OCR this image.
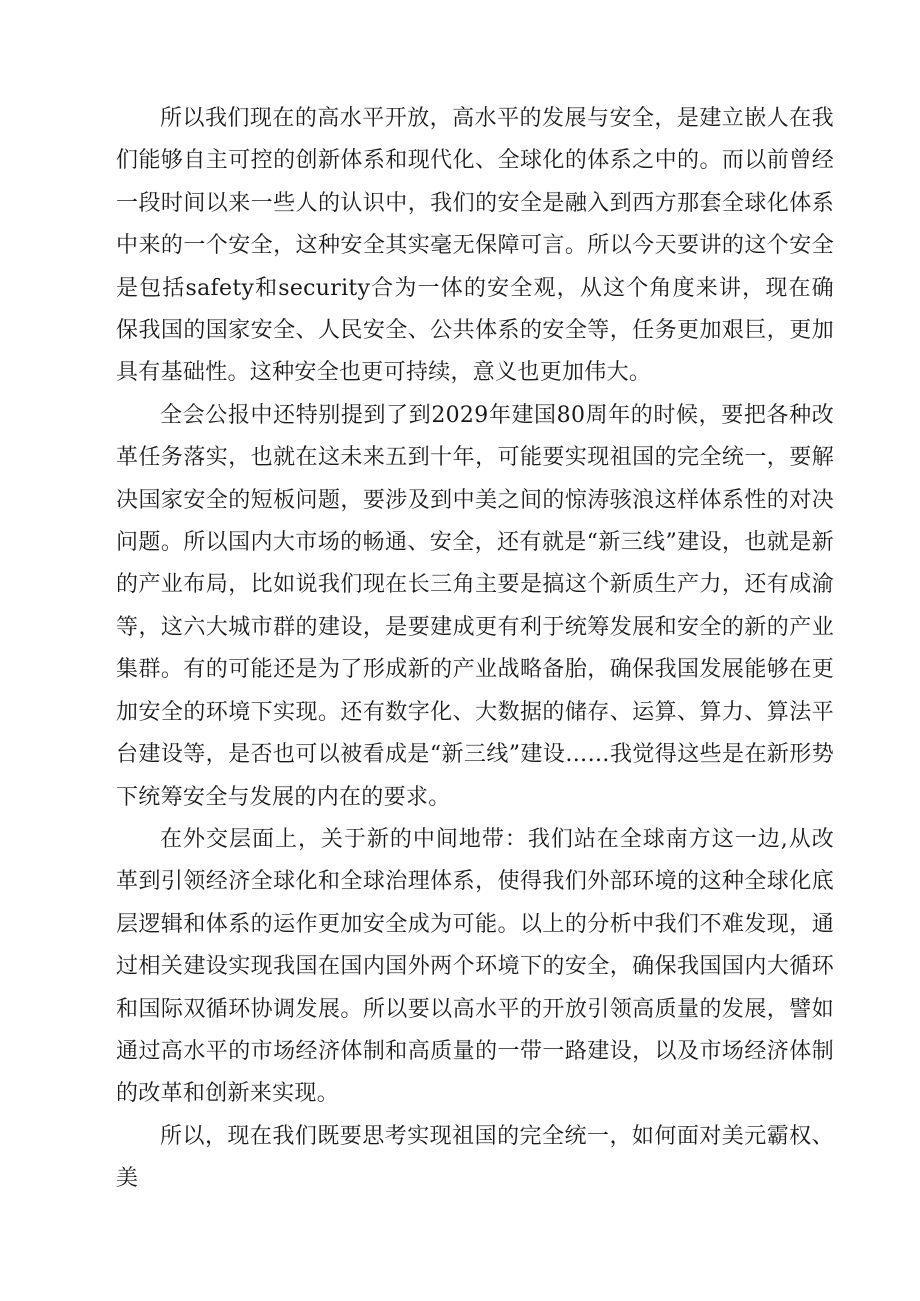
所以我们现在的高水平开放，高水平的发展与安全，是建立嵌人在我们能够自主可控的创新体系和现代化、全球化的体系之中的。而以前曾经一段时间以来一些人的认识中，我们的安全是融入到西方那套全球化体系中来的一个安全，这种安全其实毫无保障可言。所以今天要讲的这个安全是包括safety和security合为一体的安全观，从这个角度来讲，现在确保我国的国家安全、人民安全、公共体系的安全等，任务更加艰巨，更加具有基础性。这种安全也更可持续，意义也更加伟大。

全会公报中还特别提到了到2029年建国80周年的时候，要把各种改革任务落实，也就在这未来五到十年，可能要实现祖国的完全统一，要解决国家安全的短板问题，要涉及到中美之间的惊涛骇浪这样体系性的对决问题。所以国内大市场的畅通、安全，还有就是“新三线”建设，也就是新的产业布局，比如说我们现在长三角主要是搞这个新质生产力，还有成渝等，这六大城市群的建设，是要建成更有利于统筹发展和安全的新的产业集群。有的可能还是为了形成新的产业战略备胎，确保我国发展能够在更加安全的环境下实现。还有数字化、大数据的储存、运算、算力、算法平台建设等，是否也可以被看成是“新三线”建设……我觉得这些是在新形势下统筹安全与发展的内在的要求。

在外交层面上，关于新的中间地带：我们站在全球南方这一边,从改革到引领经济全球化和全球治理体系，使得我们外部环境的这种全球化底层逻辑和体系的运作更加安全成为可能。以上的分析中我们不难发现，通过相关建设实现我国在国内国外两个环境下的安全，确保我国国内大循环和国际双循环协调发展。所以要以高水平的开放引领高质量的发展，譬如通过高水平的市场经济体制和高质量的一带一路建设，以及市场经济体制的改革和创新来实现。

所以，现在我们既要思考实现祖国的完全统一，如何面对美元霸权、美
